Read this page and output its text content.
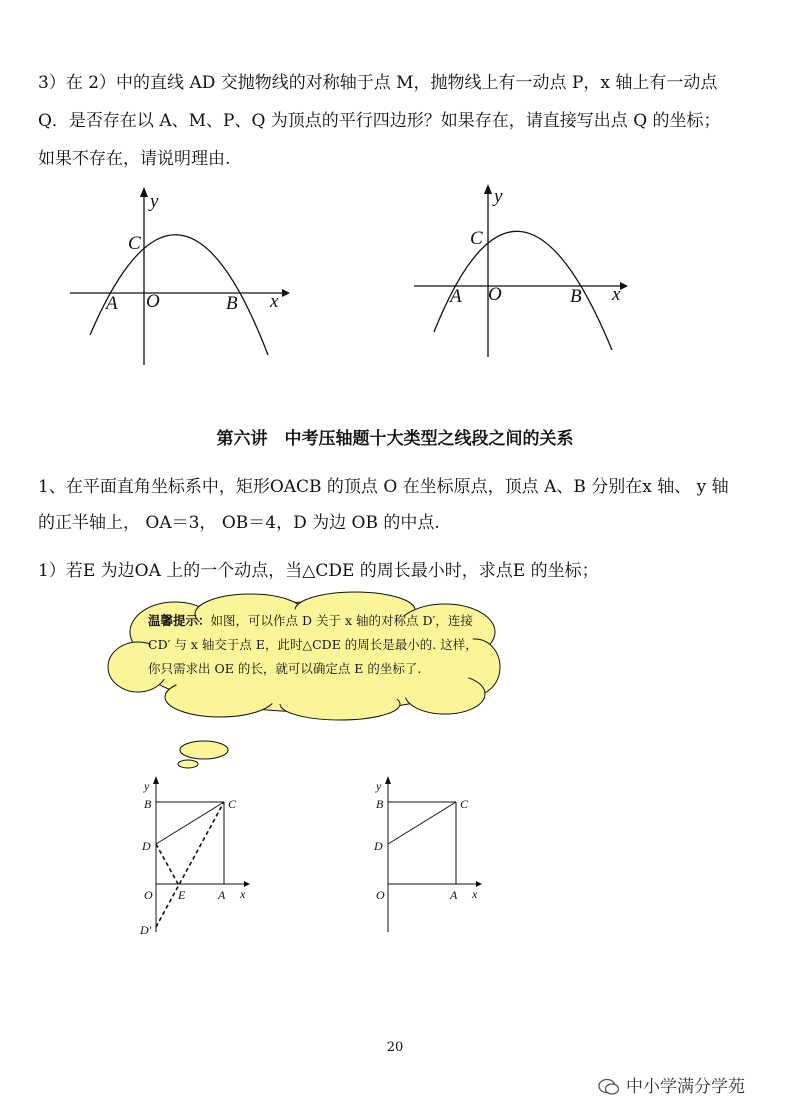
3）在 2）中的直线 AD 交抛物线的对称轴于点 M，抛物线上有一动点 P，x 轴上有一动点
Q．是否存在以 A、M、P、Q 为顶点的平行四边形？如果存在，请直接写出点 Q 的坐标；
如果不存在，请说明理由.
y
x
C
A O	B
y
x
C
A O	B
第六讲　中考压轴题十大类型之线段之间的关系
1、在平面直角坐标系中，矩形OACB 的顶点 O 在坐标原点，顶点 A、B 分别在x 轴、 y 轴
的正半轴上， OA＝3， OB＝4，D 为边 OB 的中点.
1）若E 为边OA 上的一个动点，当△CDE 的周长最小时，求点E 的坐标；
温馨提示：如图，可以作点 D 关于 x 轴的对称点 D′，连接 CD′ 与 x 轴交于点 E，此时△CDE 的周长是最小的. 这样，你只需求出 OE 的长，就可以确定点 E 的坐标了.
y
x
B	C
D
O E	A
D′
y
x
B	C
D
O	A
20
中小学满分学苑
